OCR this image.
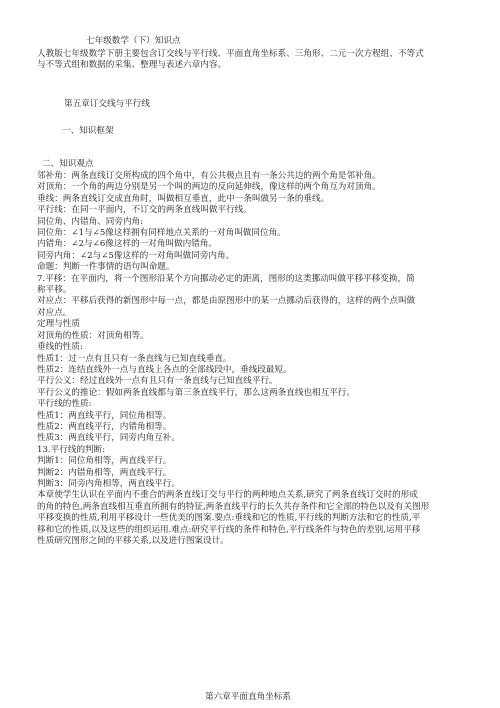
七年级数学（下）知识点
人教版七年级数学下册主要包含订交线与平行线、平面直角坐标系、三角形、二元一次方程组、不等式
与不等式组和数据的采集、整理与表述六章内容。
第五章订交线与平行线
一、知识框架
二、知识观点
邻补角：两条直线订交所构成的四个角中，有公共极点且有一条公共边的两个角是邻补角。
对顶角：一个角的两边分别是另一个叫的两边的反向延伸线，像这样的两个角互为对顶角。
垂线：两条直线订交成直角时，叫做相互垂直，此中一条叫做另一条的垂线。
平行线：在同一平面内，不订交的两条直线叫做平行线。
同位角、内错角、同旁内角:
同位角：∠1与∠5像这样拥有同样地点关系的一对角叫做同位角。
内错角：∠2与∠6像这样的一对角叫做内错角。
同旁内角：∠2与∠5像这样的一对角叫做同旁内角。
命题：判断一件事情的语句叫命题。
7.平移：在平面内，将一个图形沿某个方向挪动必定的距离，图形的这类挪动叫做平移平移变换，简
称平移。
对应点：平移后获得的新图形中每一点，都是由原图形中的某一点挪动后获得的，这样的两个点叫做
对应点。
定理与性质
对顶角的性质：对顶角相等。
垂线的性质:
性质1：过一点有且只有一条直线与已知直线垂直。
性质2：连结直线外一点与直线上各点的全部线段中，垂线段最短。
平行公义：经过直线外一点有且只有一条直线与已知直线平行。
平行公义的推论：假如两条直线都与第三条直线平行，那么这两条直线也相互平行。
平行线的性质:
性质1：两直线平行，同位角相等。
性质2：两直线平行，内错角相等。
性质3：两直线平行，同旁内角互补。
13.平行线的判断:
判断1：同位角相等，两直线平行。
判断2：内错角相等，两直线平行。
判断3：同旁内角相等，两直线平行。
本章使学生认识在平面内不重合的两条直线订交与平行的两种地点关系,研究了两条直线订交时的形成
的角的特色,两条直线相互垂直所拥有的特征,两条直线平行的长久共存条件和它全部的特色以及有关图形
平移变换的性质,利用平移设计一些优美的图案.要点:垂线和它的性质,平行线的判断方法和它的性质,平
移和它的性质,以及这些的组织运用.难点:研究平行线的条件和特色,平行线条件与特色的差别,运用平移
性质研究图形之间的平移关系,以及进行图案设计。
第六章平面直角坐标系
